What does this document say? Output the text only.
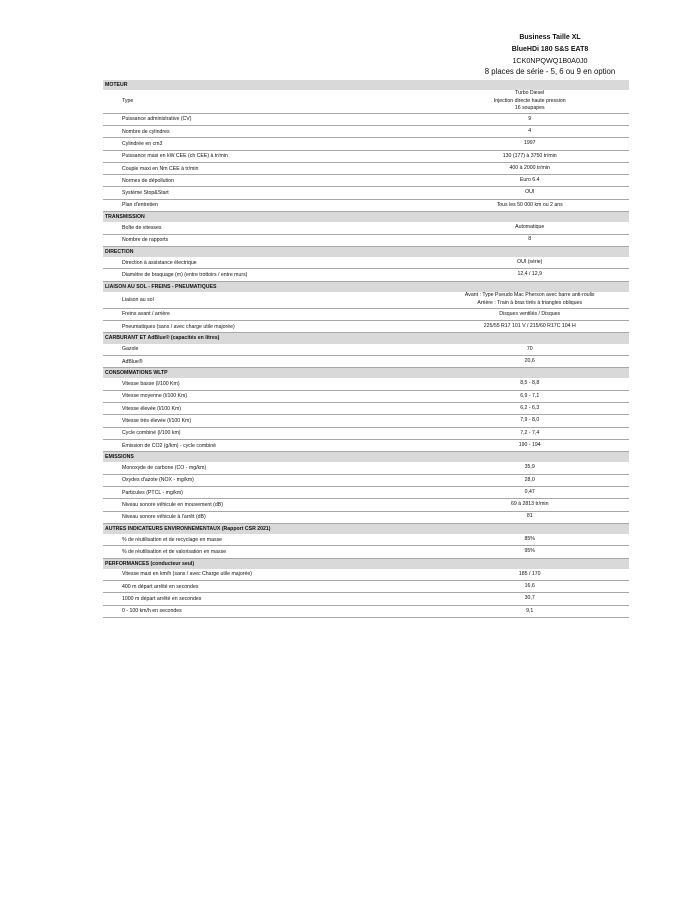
Business Taille XL
BlueHDi 180 S&S EAT8
1CK0NPQWQ1B0A0J0
8 places de série - 5, 6 ou 9 en option
MOTEUR
Type
Turbo Diesel
Injection directe haute pression
16 soupapes
Puissance administrative (CV)	9
Nombre de cylindres	4
Cylindrée en cm3	1997
Puissance maxi en kW CEE (ch CEE) à tr/min	130 (177) à 3750 tr/min
Couple maxi en Nm CEE à tr/min	400 à 2000 tr/min
Normes de dépollution	Euro 6.4
Système Stop&Start	OUI
Plan d'entretien	Tous les 50 000 km ou 2 ans
TRANSMISSION
Boîte de vitesses	Automatique
Nombre de rapports	8
DIRECTION
Direction à assistance électrique	OUI (série)
Diamètre de braquage (m) (entre trottoirs / entre murs)	12,4 / 12,9
LIAISON AU SOL - FREINS - PNEUMATIQUES
Liaison au sol
Avant : Type Pseudo Mac Pherson avec barre anti-roulis
Arrière : Train à bras tirés à triangles obliques
Freins avant / arrière	Disques ventilés / Disques
Pneumatiques (sans / avec charge utile majorée)	225/55 R17 101 V / 215/60 R17C 104 H
CARBURANT ET AdBlue® (capacités en litres)
Gazole	70
AdBlue®	20,6
CONSOMMATIONS WLTP
Vitesse basse (l/100 Km)	8,5 - 8,8
Vitesse moyenne (l/100 Km)	6,9 - 7,1
Vitesse élevée (l/100 Km)	6,2 - 6,3
Vitesse très élevée (l/100 Km)	7,9 - 8,0
Cycle combiné (l/100 km)	7,2 - 7,4
Émission de CO2 (g/km) - cycle combiné	190 - 194
EMISSIONS
Monoxyde de carbone (CO - mg/km)	35,9
Oxydes d'azote (NOX - mg/km)	28,0
Particules (PTCL - mg/km)	0,47
Niveau sonore véhicule en mouvement (dB)	69 à 2813 tr/min
Niveau sonore véhicule à l'arrêt (dB)	81
AUTRES INDICATEURS ENVIRONNEMENTAUX (Rapport CSR 2021)
% de réutilisation et de recyclage en masse	85%
% de réutilisation et de valorisation en masse	95%
PERFORMANCES (conducteur seul)
Vitesse maxi en km/h (sans / avec Charge utile majorée)	185 / 170
400 m départ arrêté en secondes	16,6
1000 m départ arrêté en secondes	30,7
0 - 100 km/h en secondes	9,1
